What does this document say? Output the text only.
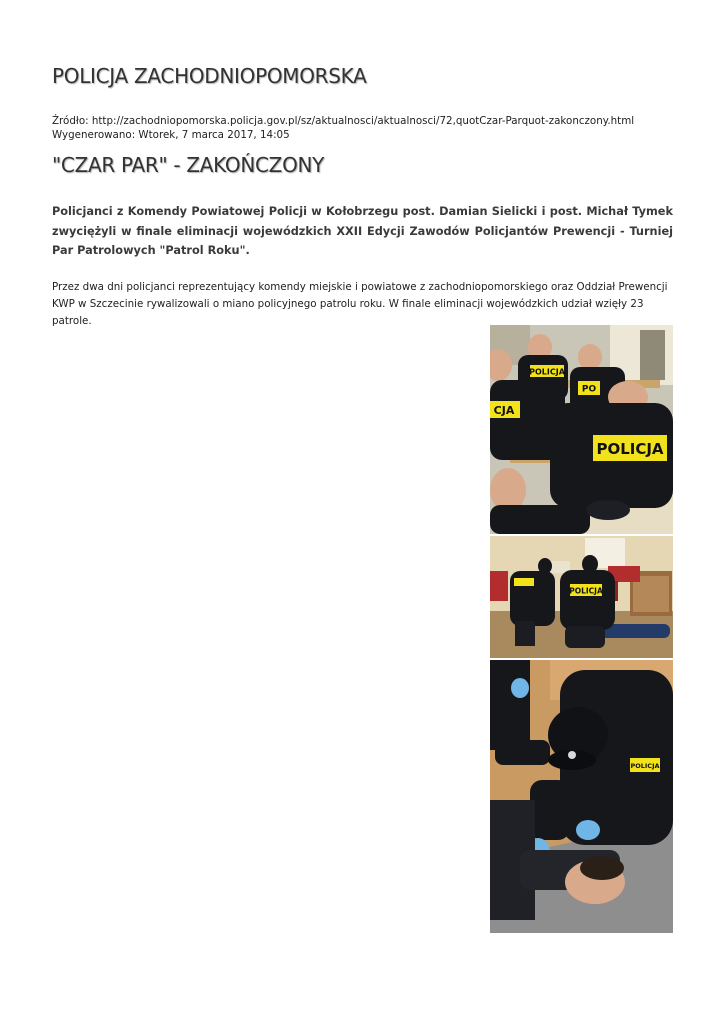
POLICJA ZACHODNIOPOMORSKA
Źródło: http://zachodniopomorska.policja.gov.pl/sz/aktualnosci/aktualnosci/72,quotCzar-Parquot-zakonczony.html
Wygenerowano: Wtorek, 7 marca 2017, 14:05
"CZAR PAR" - ZAKOŃCZONY

Policjanci z Komendy Powiatowej Policji w Kołobrzegu post. Damian Sielicki i post. Michał Tymek zwyciężyli w finale eliminacji wojewódzkich XXII Edycji Zawodów Policjantów Prewencji - Turniej Par Patrolowych "Patrol Roku".

Przez dwa dni policjanci reprezentujący komendy miejskie i powiatowe z zachodniopomorskiego oraz Oddział Prewencji KWP w Szczecinie rywalizowali o miano policyjnego patrolu roku. W finale eliminacji wojewódzkich udział wzięły 23 patrole.

POLICJA
PO
CJA
POLICJA
POLICJA
POLICJA
